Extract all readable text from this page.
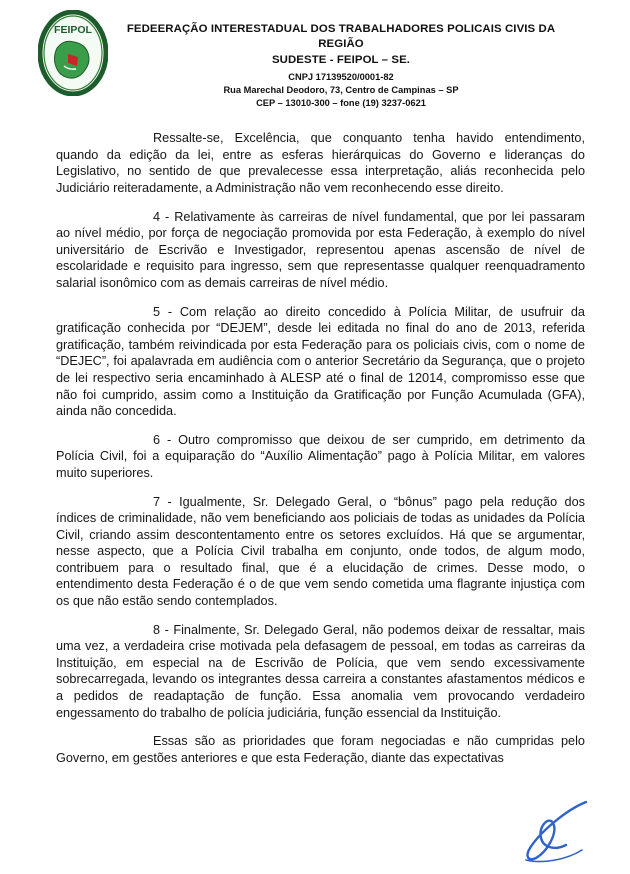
FEIPOL	FEDEERAÇÃO INTERESTADUAL DOS TRABALHADORES POLICAIS CIVIS DA REGIÃO
SUDESTE - FEIPOL – SE.
CNPJ 17139520/0001-82
Rua Marechal Deodoro, 73, Centro de Campinas – SP
CEP – 13010-300 – fone (19) 3237-0621

Ressalte-se, Excelência, que conquanto tenha havido entendimento, quando da edição da lei, entre as esferas hierárquicas do Governo e lideranças do Legislativo, no sentido de que prevalecesse essa interpretação, aliás reconhecida pelo Judiciário reiteradamente, a Administração não vem reconhecendo esse direito.

4 - Relativamente às carreiras de nível fundamental, que por lei passaram ao nível médio, por força de negociação promovida por esta Federação, à exemplo do nível universitário de Escrivão e Investigador, representou apenas ascensão de nível de escolaridade e requisito para ingresso, sem que representasse qualquer reenquadramento salarial isonômico com as demais carreiras de nível médio.

5 - Com relação ao direito concedido à Polícia Militar, de usufruir da gratificação conhecida por “DEJEM”, desde lei editada no final do ano de 2013, referida gratificação, também reivindicada por esta Federação para os policiais civis, com o nome de “DEJEC”, foi apalavrada em audiência com o anterior Secretário da Segurança, que o projeto de lei respectivo seria encaminhado à ALESP até o final de 12014, compromisso esse que não foi cumprido, assim como a Instituição da Gratificação por Função Acumulada (GFA), ainda não concedida.

6 - Outro compromisso que deixou de ser cumprido, em detrimento da Polícia Civil, foi a equiparação do “Auxílio Alimentação” pago à Polícia Militar, em valores muito superiores.

7 - Igualmente, Sr. Delegado Geral, o “bônus” pago pela redução dos índices de criminalidade, não vem beneficiando aos policiais de todas as unidades da Polícia Civil, criando assim descontentamento entre os setores excluídos. Há que se argumentar, nesse aspecto, que a Polícia Civil trabalha em conjunto, onde todos, de algum modo, contribuem para o resultado final, que é a elucidação de crimes. Desse modo, o entendimento desta Federação é o de que vem sendo cometida uma flagrante injustiça com os que não estão sendo contemplados.

8 - Finalmente, Sr. Delegado Geral, não podemos deixar de ressaltar, mais uma vez, a verdadeira crise motivada pela defasagem de pessoal, em todas as carreiras da Instituição, em especial na de Escrivão de Polícia, que vem sendo excessivamente sobrecarregada, levando os integrantes dessa carreira a constantes afastamentos médicos e a pedidos de readaptação de função. Essa anomalia vem provocando verdadeiro engessamento do trabalho de polícia judiciária, função essencial da Instituição.

Essas são as prioridades que foram negociadas e não cumpridas pelo Governo, em gestões anteriores e que esta Federação, diante das expectativas
